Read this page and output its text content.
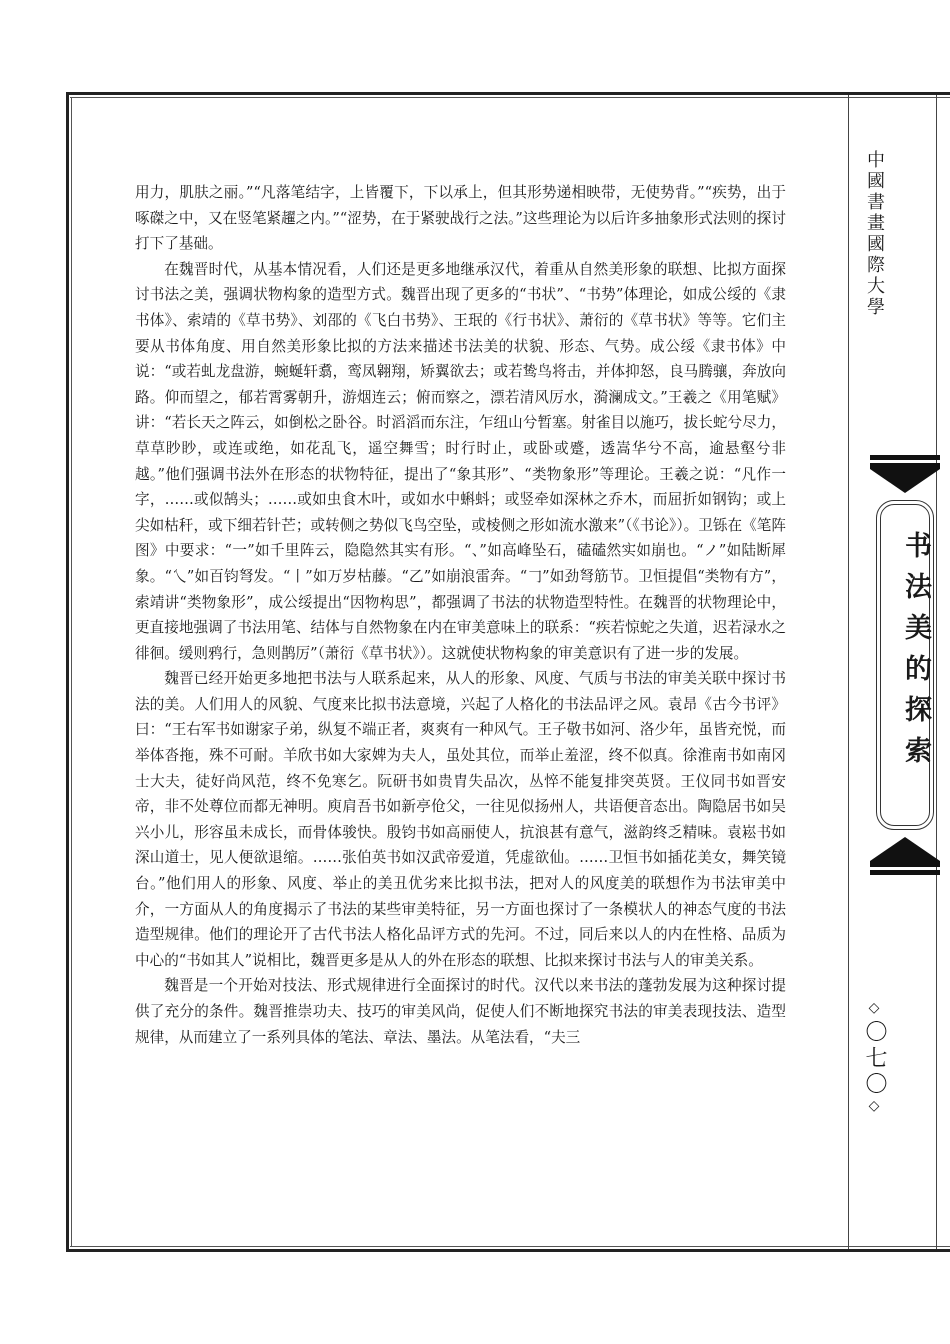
用力，肌肤之丽。”“凡落笔结字，上皆覆下，下以承上，但其形势递相映带，无使势背。”“疾势，出于啄磔之中，又在竖笔紧趯之内。”“涩势，在于紧驶战行之法。”这些理论为以后许多抽象形式法则的探讨打下了基础。

在魏晋时代，从基本情况看，人们还是更多地继承汉代，着重从自然美形象的联想、比拟方面探讨书法之美，强调状物构象的造型方式。魏晋出现了更多的“书状”、“书势”体理论，如成公绥的《隶书体》、索靖的《草书势》、刘邵的《飞白书势》、王珉的《行书状》、萧衍的《草书状》等等。它们主要从书体角度、用自然美形象比拟的方法来描述书法美的状貌、形态、气势。成公绥《隶书体》中说：“或若虬龙盘游，蜿蜒轩翥，鸾凤翱翔，矫翼欲去；或若鸷鸟将击，并体抑怒，良马腾骧，奔放向路。仰而望之，郁若霄雾朝升，游烟连云；俯而察之，漂若清风厉水，漪澜成文。”王羲之《用笔赋》讲：“若长天之阵云，如倒松之卧谷。时滔滔而东注，乍纽山兮暂塞。射雀目以施巧，拔长蛇兮尽力，草草眇眇，或连或绝，如花乱飞，遥空舞雪；时行时止，或卧或蹙，透嵩华兮不高，逾悬壑兮非越。”他们强调书法外在形态的状物特征，提出了“象其形”、“类物象形”等理论。王羲之说：“凡作一字，……或似鹄头；……或如虫食木叶，或如水中蝌蚪；或竖牵如深林之乔木，而屈折如钢钩；或上尖如枯秆，或下细若针芒；或转侧之势似飞鸟空坠，或棱侧之形如流水激来”（《书论》）。卫铄在《笔阵图》中要求：“一”如千里阵云，隐隐然其实有形。“、”如高峰坠石，磕磕然实如崩也。“ノ”如陆断犀象。“乀”如百钧弩发。“丨”如万岁枯藤。“乙”如崩浪雷奔。“𠃌”如劲弩筋节。卫恒提倡“类物有方”，索靖讲“类物象形”，成公绥提出“因物构思”，都强调了书法的状物造型特性。在魏晋的状物理论中，更直接地强调了书法用笔、结体与自然物象在内在审美意味上的联系：“疾若惊蛇之失道，迟若渌水之徘徊。缓则鸦行，急则鹊厉”（萧衍《草书状》）。这就使状物构象的审美意识有了进一步的发展。

魏晋已经开始更多地把书法与人联系起来，从人的形象、风度、气质与书法的审美关联中探讨书法的美。人们用人的风貌、气度来比拟书法意境，兴起了人格化的书法品评之风。袁昂《古今书评》曰：“王右军书如谢家子弟，纵复不端正者，爽爽有一种风气。王子敬书如河、洛少年，虽皆充悦，而举体沓拖，殊不可耐。羊欣书如大家婢为夫人，虽处其位，而举止羞涩，终不似真。徐淮南书如南冈士大夫，徒好尚风范，终不免寒乞。阮研书如贵胄失品次，丛悴不能复排突英贤。王仪同书如晋安帝，非不处尊位而都无神明。庾肩吾书如新亭伧父，一往见似扬州人，共语便音态出。陶隐居书如吴兴小儿，形容虽未成长，而骨体骏快。殷钧书如高丽使人，抗浪甚有意气，滋韵终乏精味。袁崧书如深山道士，见人便欲退缩。……张伯英书如汉武帝爱道，凭虚欲仙。……卫恒书如插花美女，舞笑镜台。”他们用人的形象、风度、举止的美丑优劣来比拟书法，把对人的风度美的联想作为书法审美中介，一方面从人的角度揭示了书法的某些审美特征，另一方面也探讨了一条模状人的神态气度的书法造型规律。他们的理论开了古代书法人格化品评方式的先河。不过，同后来以人的内在性格、品质为中心的“书如其人”说相比，魏晋更多是从人的外在形态的联想、比拟来探讨书法与人的审美关系。

魏晋是一个开始对技法、形式规律进行全面探讨的时代。汉代以来书法的蓬勃发展为这种探讨提供了充分的条件。魏晋推崇功夫、技巧的审美风尚，促使人们不断地探究书法的审美表现技法、造型规律，从而建立了一系列具体的笔法、章法、墨法。从笔法看，“夫三

中國書畫國際大學
书法美的探索
◇〇七〇◇
